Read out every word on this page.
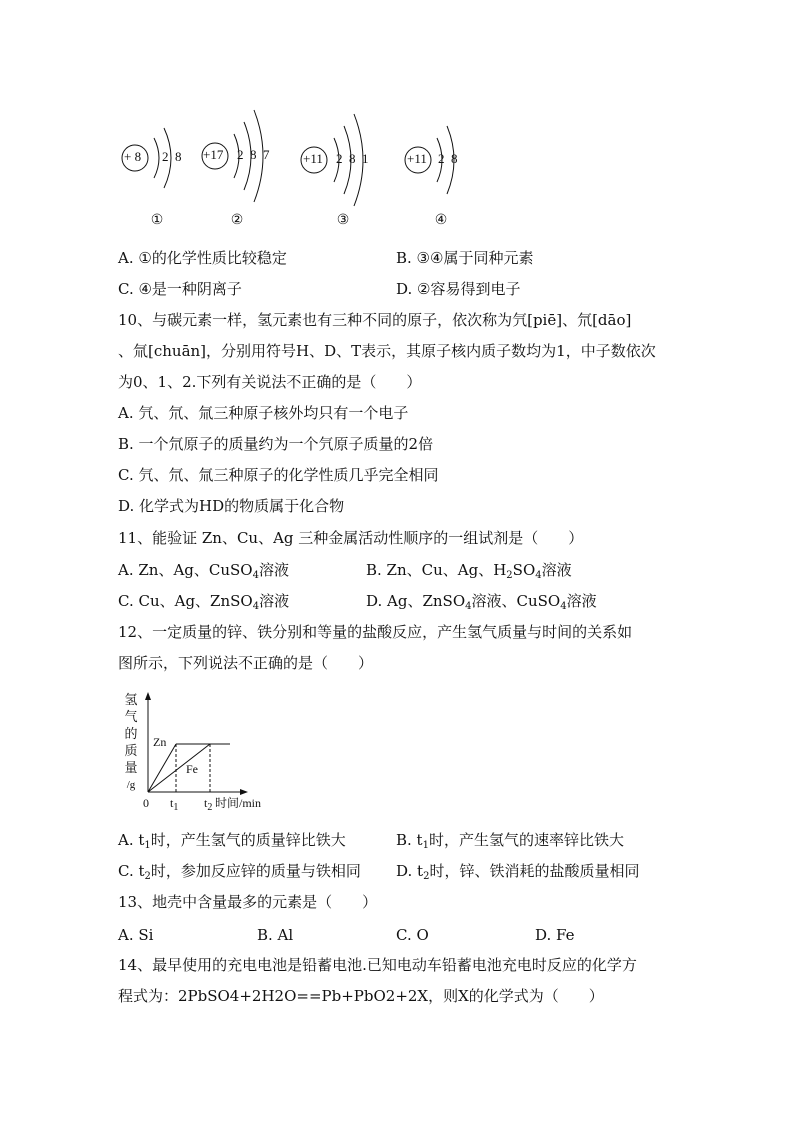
+ 8 2  8
①
+17 2  8  7
②
+11 2  8  1
③
+11 2  8
④
A. ①的化学性质比较稳定	B. ③④属于同种元素
C. ④是一种阴离子	D. ②容易得到电子
10、与碳元素一样，氢元素也有三种不同的原子，依次称为氕[piē]、氘[dāo]
、氚[chuān]，分别用符号H、D、T表示，其原子核内质子数均为1，中子数依次
为0、1、2.下列有关说法不正确的是（　　）
A. 氕、氘、氚三种原子核外均只有一个电子
B. 一个氘原子的质量约为一个氕原子质量的2倍
C. 氕、氘、氚三种原子的化学性质几乎完全相同
D. 化学式为HD的物质属于化合物
11、能验证 Zn、Cu、Ag 三种金属活动性顺序的一组试剂是（　　）
A. Zn、Ag、CuSO$_4$溶液	B. Zn、Cu、Ag、$H_2SO_4$溶液
C. Cu、Ag、ZnSO$_4$溶液	D. Ag、ZnSO$_4$溶液、CuSO$_4$溶液
12、一定质量的锌、铁分别和等量的盐酸反应，产生氢气质量与时间的关系如
图所示，下列说法不正确的是（　　）
氢
气
的
质
量
/g
Zn
Fe
0 $t_1$ $t_2$ 时间/min
A. $t_1$时，产生氢气的质量锌比铁大	B. $t_1$时，产生氢气的速率锌比铁大
C. $t_2$时，参加反应锌的质量与铁相同 D. $t_2$时，锌、铁消耗的盐酸质量相同
13、地壳中含量最多的元素是（　　）
A. Si	B. Al	C. O	D. Fe
14、最早使用的充电电池是铅蓄电池.已知电动车铅蓄电池充电时反应的化学方
程式为：2PbSO4+2H2O==Pb+PbO2+2X，则X的化学式为（　　）
